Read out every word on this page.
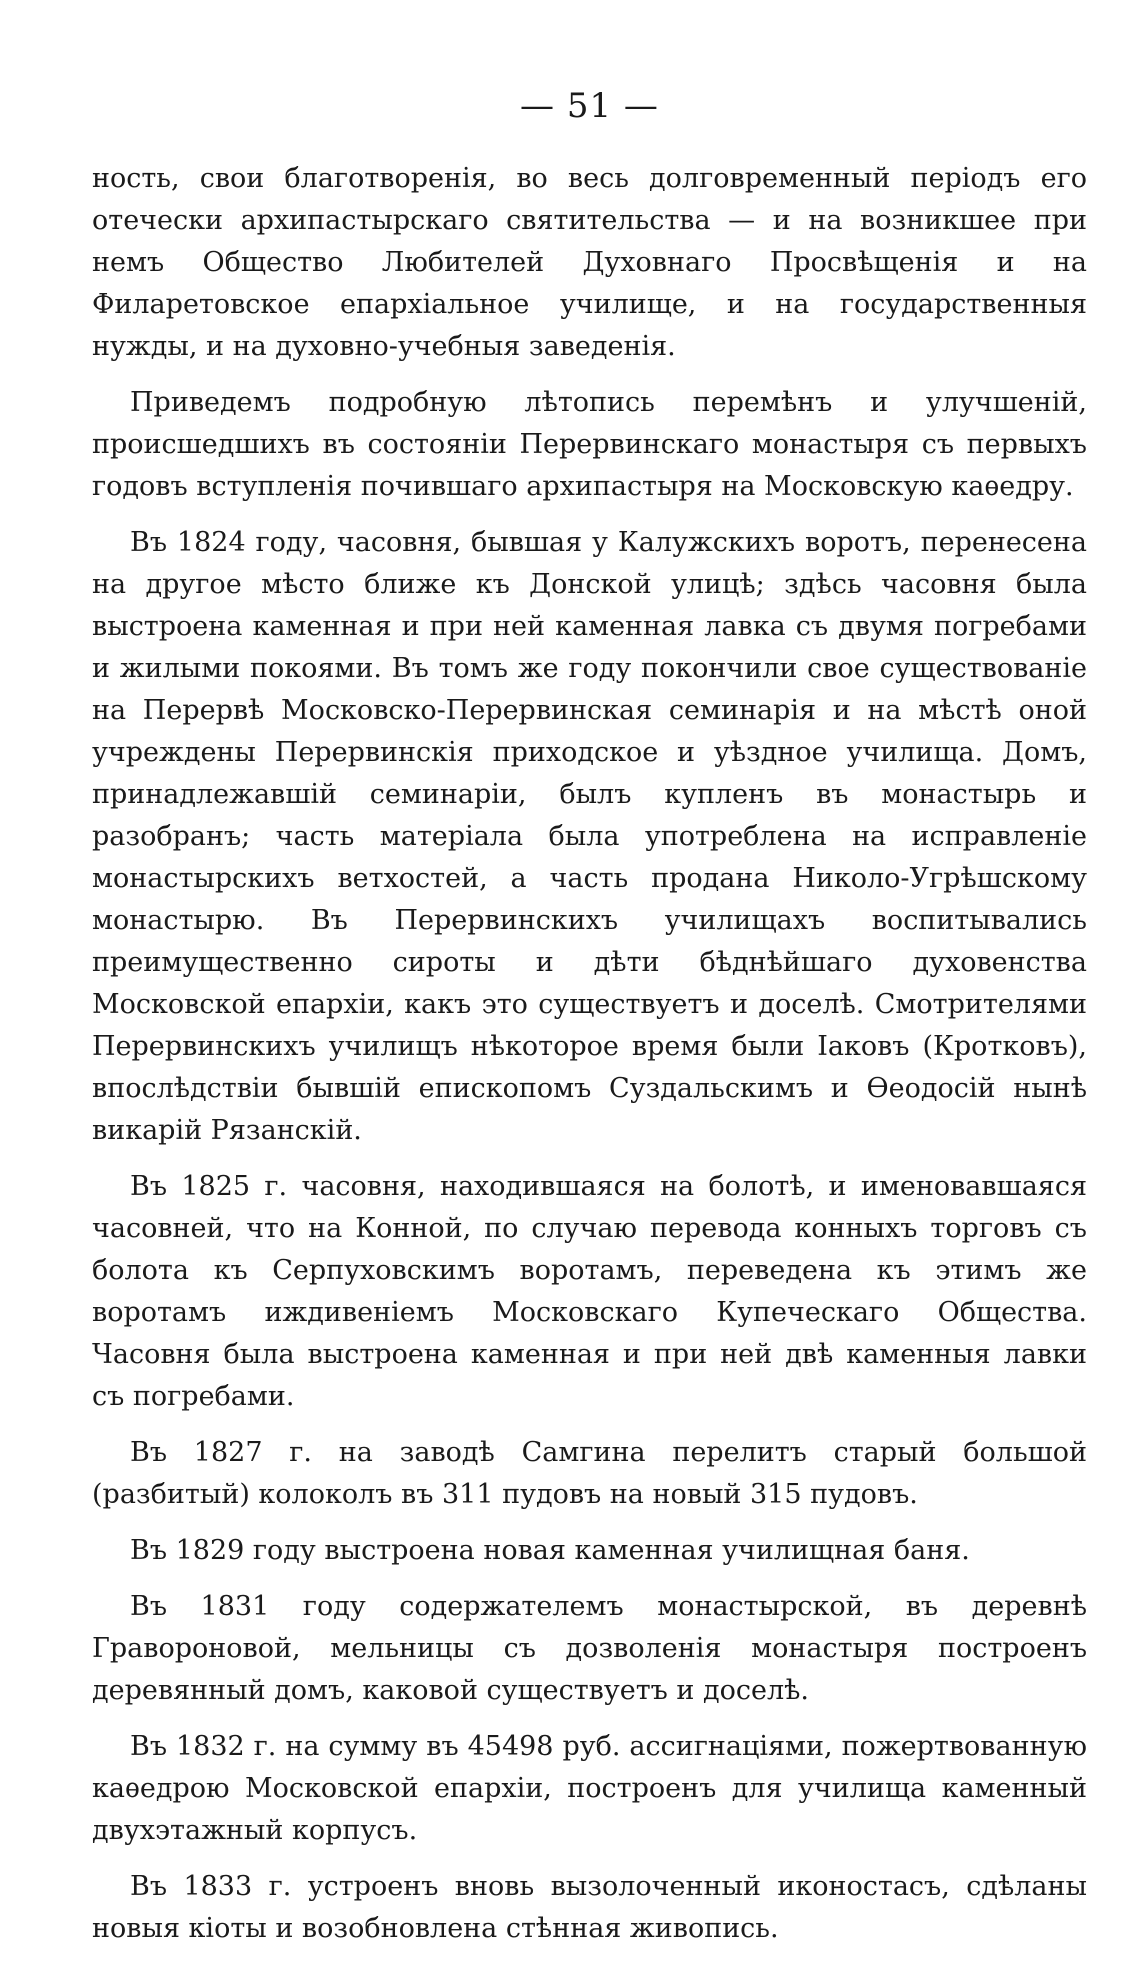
— 51 —

ность, свои благотворенія, во весь долговременный періодъ его отечески архипастырскаго святительства — и на возникшее при немъ Общество Любителей Духовнаго Просвѣщенія и на Филаретовское епархіальное училище, и на государственныя нужды, и на духовно-учебныя заведенія.

Приведемъ подробную лѣтопись перемѣнъ и улучшеній, происшедшихъ въ состояніи Перервинскаго монастыря съ первыхъ годовъ вступленія почившаго архипастыря на Московскую каѳедру.

Въ 1824 году, часовня, бывшая у Калужскихъ воротъ, перенесена на другое мѣсто ближе къ Донской улицѣ; здѣсь часовня была выстроена каменная и при ней каменная лавка съ двумя погребами и жилыми покоями. Въ томъ же году покончили свое существованіе на Перервѣ Московско-Перервинская семинарія и на мѣстѣ оной учреждены Перервинскія приходское и уѣздное училища. Домъ, принадлежавшій семинаріи, былъ купленъ въ монастырь и разобранъ; часть матеріала была употреблена на исправленіе монастырскихъ ветхостей, а часть продана Николо-Угрѣшскому монастырю. Въ Перервинскихъ училищахъ воспитывались преимущественно сироты и дѣти бѣднѣйшаго духовенства Московской епархіи, какъ это существуетъ и доселѣ. Смотрителями Перервинскихъ училищъ нѣкоторое время были Іаковъ (Кротковъ), впослѣдствіи бывшій епископомъ Суздальскимъ и Ѳеодосій нынѣ викарій Рязанскій.

Въ 1825 г. часовня, находившаяся на болотѣ, и именовавшаяся часовней, что на Конной, по случаю перевода конныхъ торговъ съ болота къ Серпуховскимъ воротамъ, переведена къ этимъ же воротамъ иждивеніемъ Московскаго Купеческаго Общества. Часовня была выстроена каменная и при ней двѣ каменныя лавки съ погребами.

Въ 1827 г. на заводѣ Самгина перелитъ старый большой (разбитый) колоколъ въ 311 пудовъ на новый 315 пудовъ.

Въ 1829 году выстроена новая каменная училищная баня.

Въ 1831 году содержателемъ монастырской, въ деревнѣ Гравороновой, мельницы съ дозволенія монастыря построенъ деревянный домъ, каковой существуетъ и доселѣ.

Въ 1832 г. на сумму въ 45498 руб. ассигнаціями, пожертвованную каѳедрою Московской епархіи, построенъ для училища каменный двухэтажный корпусъ.

Въ 1833 г. устроенъ вновь вызолоченный иконостасъ, сдѣланы новыя кіоты и возобновлена стѣнная живопись.
